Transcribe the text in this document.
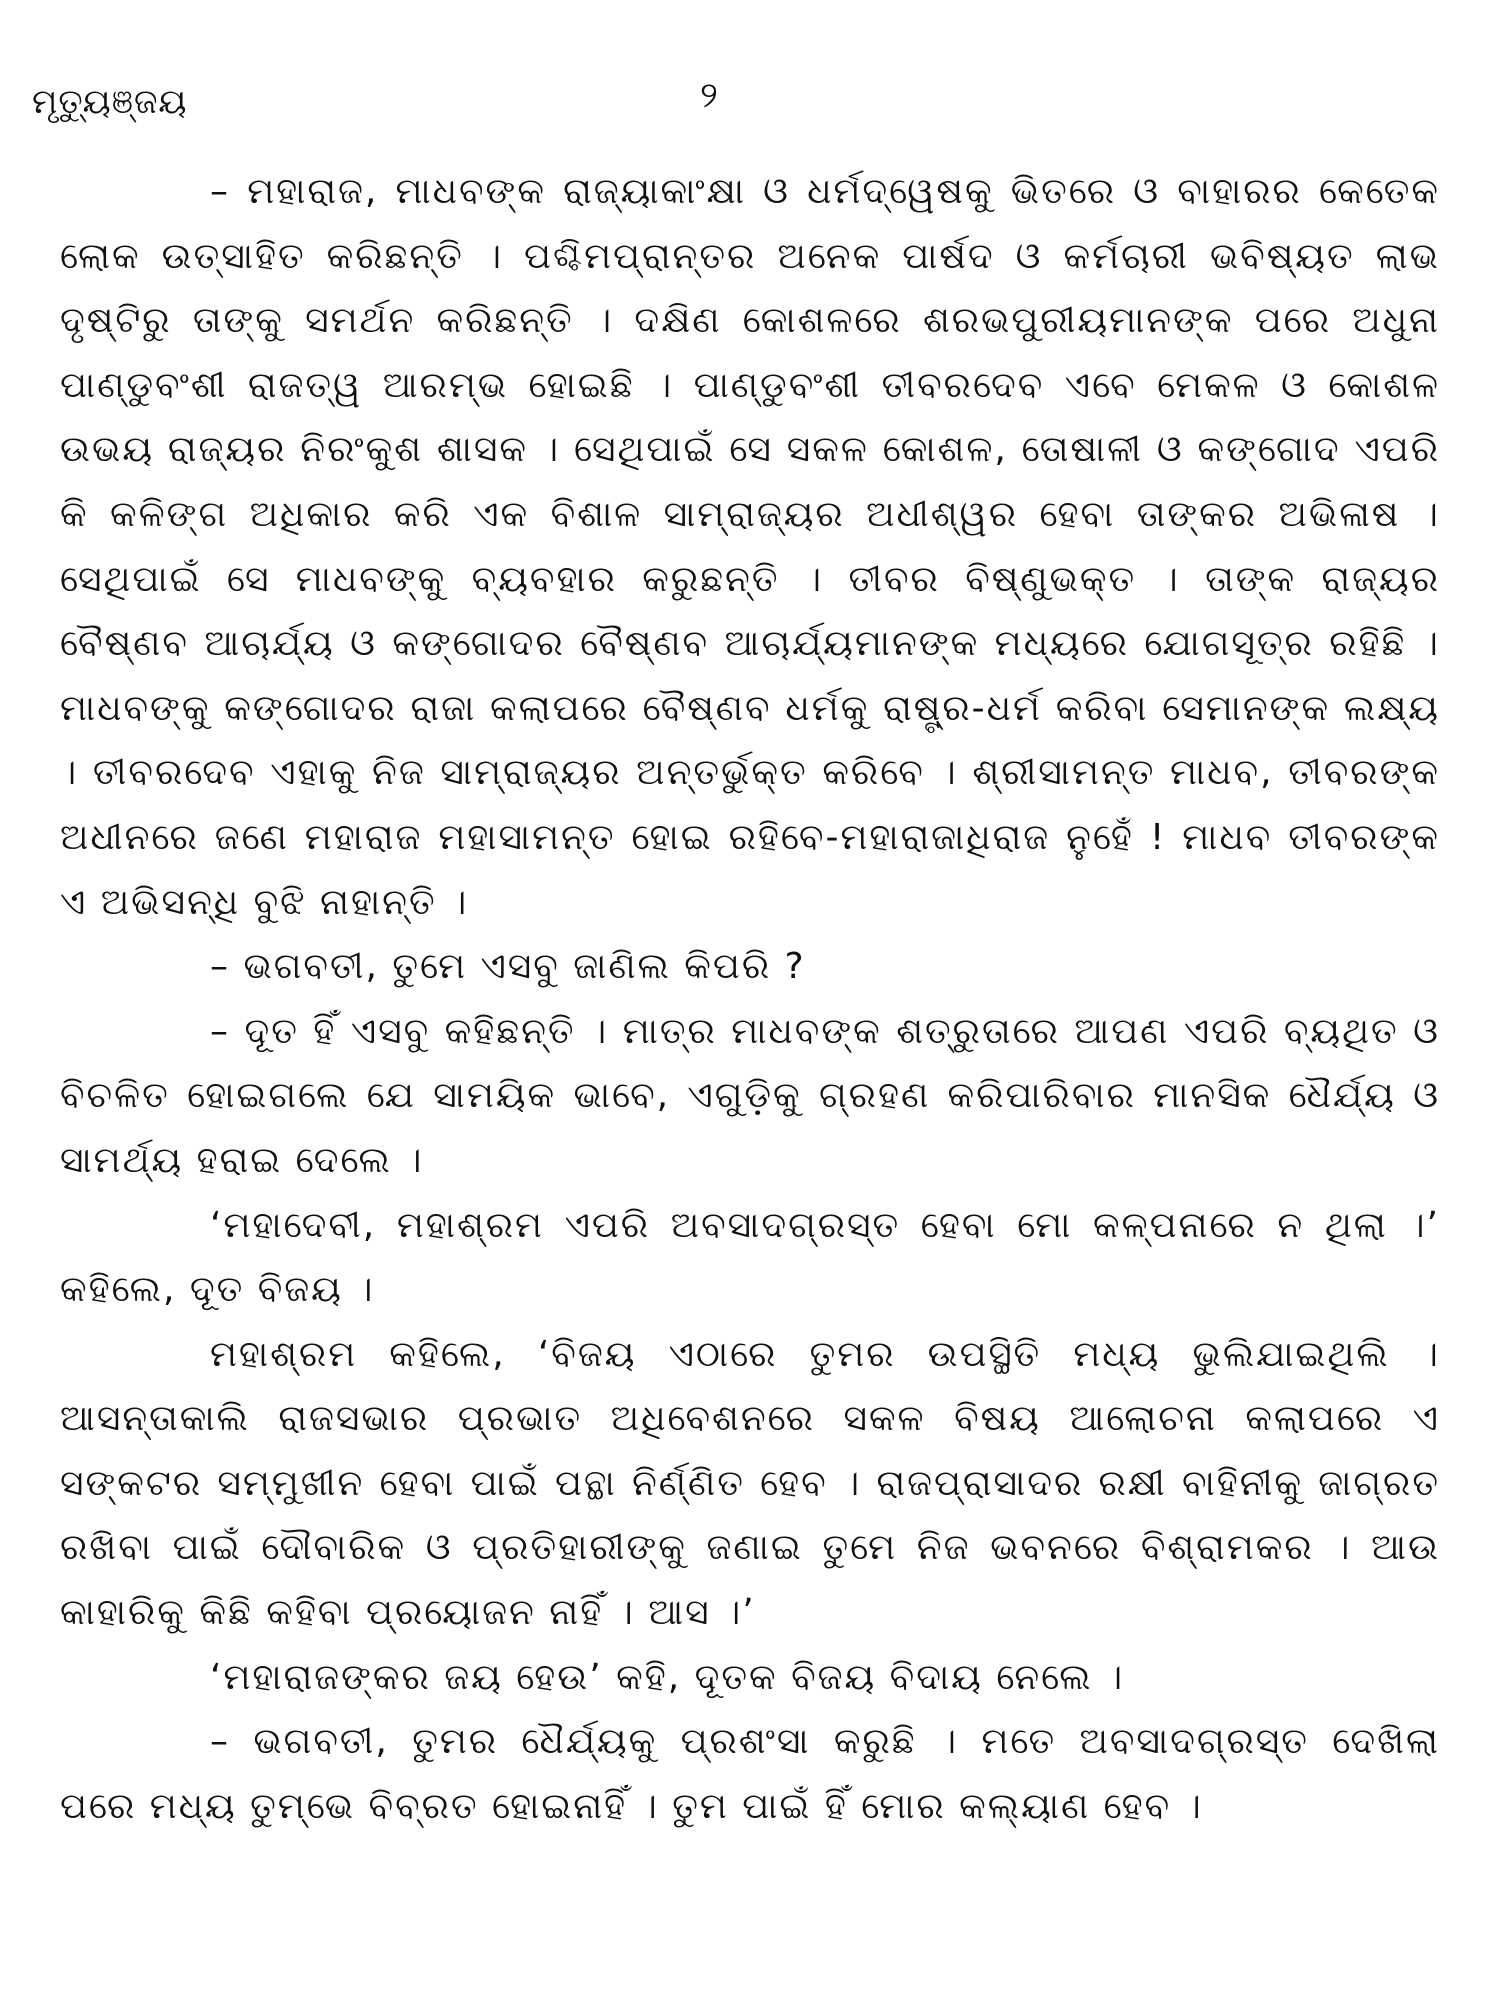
ମୃତ୍ୟୁଞ୍ଜୟ	୨

– ମହାରାଜ, ମାଧବଙ୍କ ରାଜ୍ୟାକାଂକ୍ଷା ଓ ଧର୍ମଦ୍ୱେଷକୁ ଭିତରେ ଓ ବାହାରର କେତେକ ଲୋକ ଉତ୍ସାହିତ କରିଛନ୍ତି । ପଶ୍ଚିମପ୍ରାନ୍ତର ଅନେକ ପାର୍ଷଦ ଓ କର୍ମଚାରୀ ଭବିଷ୍ୟତ ଲାଭ ଦୃଷ୍ଟିରୁ ତାଙ୍କୁ ସମର୍ଥନ କରିଛନ୍ତି । ଦକ୍ଷିଣ କୋଶଳରେ ଶରଭପୁରୀୟମାନଙ୍କ ପରେ ଅଧୁନା ପାଣ୍ଡୁବଂଶୀ ରାଜତ୍ୱ ଆରମ୍ଭ ହୋଇଛି । ପାଣ୍ଡୁବଂଶୀ ତୀବରଦେବ ଏବେ ମେକଳ ଓ କୋଶଳ ଉଭୟ ରାଜ୍ୟର ନିରଂକୁଶ ଶାସକ । ସେଥିପାଇଁ ସେ ସକଳ କୋଶଳ, ତୋଷାଳୀ ଓ କଙ୍ଗୋଦ ଏପରି କି କଳିଙ୍ଗ ଅଧିକାର କରି ଏକ ବିଶାଳ ସାମ୍ରାଜ୍ୟର ଅଧୀଶ୍ୱର ହେବା ତାଙ୍କର ଅଭିଳାଷ । ସେଥିପାଇଁ ସେ ମାଧବଙ୍କୁ ବ୍ୟବହାର କରୁଛନ୍ତି । ତୀବର ବିଷ୍ଣୁଭକ୍ତ । ତାଙ୍କ ରାଜ୍ୟର ବୈଷ୍ଣବ ଆଚାର୍ଯ୍ୟ ଓ କଙ୍ଗୋଦର ବୈଷ୍ଣବ ଆଚାର୍ଯ୍ୟମାନଙ୍କ ମଧ୍ୟରେ ଯୋଗସୂତ୍ର ରହିଛି । ମାଧବଙ୍କୁ କଙ୍ଗୋଦର ରାଜା କଲାପରେ ବୈଷ୍ଣବ ଧର୍ମକୁ ରାଷ୍ଟ୍ର-ଧର୍ମ କରିବା ସେମାନଙ୍କ ଲକ୍ଷ୍ୟ । ତୀବରଦେବ ଏହାକୁ ନିଜ ସାମ୍ରାଜ୍ୟର ଅନ୍ତର୍ଭୁକ୍ତ କରିବେ । ଶ୍ରୀସାମନ୍ତ ମାଧବ, ତୀବରଙ୍କ ଅଧୀନରେ ଜଣେ ମହାରାଜ ମହାସାମନ୍ତ ହୋଇ ରହିବେ-ମହାରାଜାଧିରାଜ ନୁହେଁ ! ମାଧବ ତୀବରଙ୍କ ଏ ଅଭିସନ୍ଧି ବୁଝି ନାହାନ୍ତି ।

– ଭଗବତୀ, ତୁମେ ଏସବୁ ଜାଣିଲ କିପରି ?

– ଦୂତ ହିଁ ଏସବୁ କହିଛନ୍ତି । ମାତ୍ର ମାଧବଙ୍କ ଶତ୍ରୁତାରେ ଆପଣ ଏପରି ବ୍ୟଥିତ ଓ ବିଚଳିତ ହୋଇଗଲେ ଯେ ସାମୟିକ ଭାବେ, ଏଗୁଡ଼ିକୁ ଗ୍ରହଣ କରିପାରିବାର ମାନସିକ ଧୈର୍ଯ୍ୟ ଓ ସାମର୍ଥ୍ୟ ହରାଇ ଦେଲେ ।

‘ମହାଦେବୀ, ମହାଶ୍ରମ ଏପରି ଅବସାଦଗ୍ରସ୍ତ ହେବା ମୋ କଳ୍ପନାରେ ନ ଥିଲା ।’ କହିଲେ, ଦୂତ ବିଜୟ ।

ମହାଶ୍ରମ କହିଲେ, ‘ବିଜୟ ଏଠାରେ ତୁମର ଉପସ୍ଥିତି ମଧ୍ୟ ଭୁଲିଯାଇଥିଲି । ଆସନ୍ତାକାଲି ରାଜସଭାର ପ୍ରଭାତ ଅଧିବେଶନରେ ସକଳ ବିଷୟ ଆଲୋଚନା କଲାପରେ ଏ ସଙ୍କଟର ସମ୍ମୁଖୀନ ହେବା ପାଇଁ ପନ୍ଥା ନିର୍ଣ୍ଣିତ ହେବ । ରାଜପ୍ରାସାଦର ରକ୍ଷୀ ବାହିନୀକୁ ଜାଗ୍ରତ ରଖିବା ପାଇଁ ଦୌବାରିକ ଓ ପ୍ରତିହାରୀଙ୍କୁ ଜଣାଇ ତୁମେ ନିଜ ଭବନରେ ବିଶ୍ରାମକର । ଆଉ କାହାରିକୁ କିଛି କହିବା ପ୍ରୟୋଜନ ନାହିଁ । ଆସ ।’

‘ମହାରାଜଙ୍କର ଜୟ ହେଉ’ କହି, ଦୂତକ ବିଜୟ ବିଦାୟ ନେଲେ ।

– ଭଗବତୀ, ତୁମର ଧୈର୍ଯ୍ୟକୁ ପ୍ରଶଂସା କରୁଛି । ମତେ ଅବସାଦଗ୍ରସ୍ତ ଦେଖିଲା ପରେ ମଧ୍ୟ ତୁମ୍ଭେ ବିବ୍ରତ ହୋଇନାହିଁ । ତୁମ ପାଇଁ ହିଁ ମୋର କଲ୍ୟାଣ ହେବ ।
